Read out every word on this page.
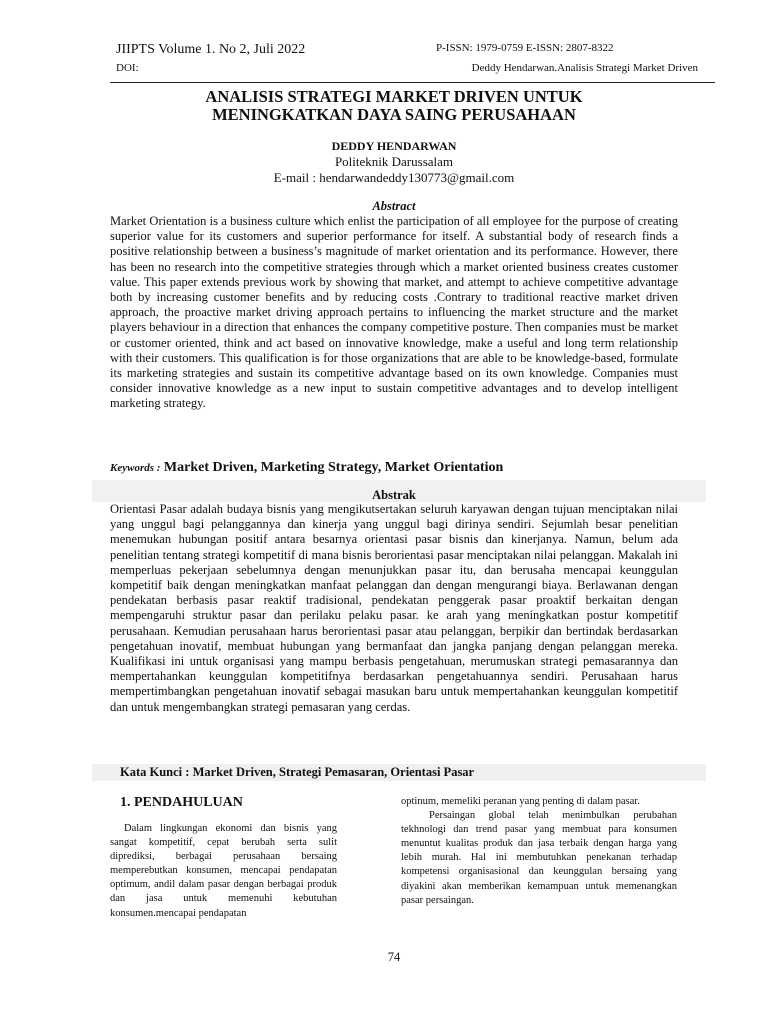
JIIPTS Volume 1. No 2, Juli 2022	P-ISSN: 1979-0759 E-ISSN: 2807-8322
DOI:	Deddy Hendarwan.Analisis Strategi Market Driven
ANALISIS STRATEGI MARKET DRIVEN UNTUK
MENINGKATKAN DAYA SAING PERUSAHAAN
DEDDY HENDARWAN
Politeknik Darussalam
E-mail : hendarwandeddy130773@gmail.com
Abstract
Market Orientation is a business culture which enlist the participation of all employee for the purpose of creating superior value for its customers and superior performance for itself. A substantial body of research finds a positive relationship between a business’s magnitude of market orientation and its performance. However, there has been no research into the competitive strategies through which a market oriented business creates customer value. This paper extends previous work by showing that market, and attempt to achieve competitive advantage both by increasing customer benefits and by reducing costs .Contrary to traditional reactive market driven approach, the proactive market driving approach pertains to influencing the market structure and the market players behaviour in a direction that enhances the company competitive posture. Then companies must be market or customer oriented, think and act based on innovative knowledge, make a useful and long term relationship with their customers. This qualification is for those organizations that are able to be knowledge-based, formulate its marketing strategies and sustain its competitive advantage based on its own knowledge. Companies must consider innovative knowledge as a new input to sustain competitive advantages and to develop intelligent marketing strategy.
Keywords : Market Driven, Marketing Strategy, Market Orientation
Abstrak
Orientasi Pasar adalah budaya bisnis yang mengikutsertakan seluruh karyawan dengan tujuan menciptakan nilai yang unggul bagi pelanggannya dan kinerja yang unggul bagi dirinya sendiri. Sejumlah besar penelitian menemukan hubungan positif antara besarnya orientasi pasar bisnis dan kinerjanya. Namun, belum ada penelitian tentang strategi kompetitif di mana bisnis berorientasi pasar menciptakan nilai pelanggan. Makalah ini memperluas pekerjaan sebelumnya dengan menunjukkan pasar itu, dan berusaha mencapai keunggulan kompetitif baik dengan meningkatkan manfaat pelanggan dan dengan mengurangi biaya. Berlawanan dengan pendekatan berbasis pasar reaktif tradisional, pendekatan penggerak pasar proaktif berkaitan dengan mempengaruhi struktur pasar dan perilaku pelaku pasar. ke arah yang meningkatkan postur kompetitif perusahaan. Kemudian perusahaan harus berorientasi pasar atau pelanggan, berpikir dan bertindak berdasarkan pengetahuan inovatif, membuat hubungan yang bermanfaat dan jangka panjang dengan pelanggan mereka. Kualifikasi ini untuk organisasi yang mampu berbasis pengetahuan, merumuskan strategi pemasarannya dan mempertahankan keunggulan kompetitifnya berdasarkan pengetahuannya sendiri. Perusahaan harus mempertimbangkan pengetahuan inovatif sebagai masukan baru untuk mempertahankan keunggulan kompetitif dan untuk mengembangkan strategi pemasaran yang cerdas.
Kata Kunci : Market Driven, Strategi Pemasaran, Orientasi Pasar
1. PENDAHULUAN

Dalam lingkungan ekonomi dan bisnis yang sangat kompetitif, cepat berubah serta sulit diprediksi, berbagai perusahaan bersaing memperebutkan konsumen, mencapai pendapatan optimum, andil dalam pasar dengan berbagai produk dan jasa untuk memenuhi kebutuhan konsumen.mencapai pendapatan

optinum, memeliki peranan yang penting di dalam pasar.

Persaingan global telah menimbulkan perubahan tekhnologi dan trend pasar yang membuat para konsumen menuntut kualitas produk dan jasa terbaik dengan harga yang lebih murah. Hal ini membutuhkan penekanan terhadap kompetensi organisasional dan keunggulan bersaing yang diyakini akan memberikan kemampuan untuk memenangkan pasar persaingan.

74
